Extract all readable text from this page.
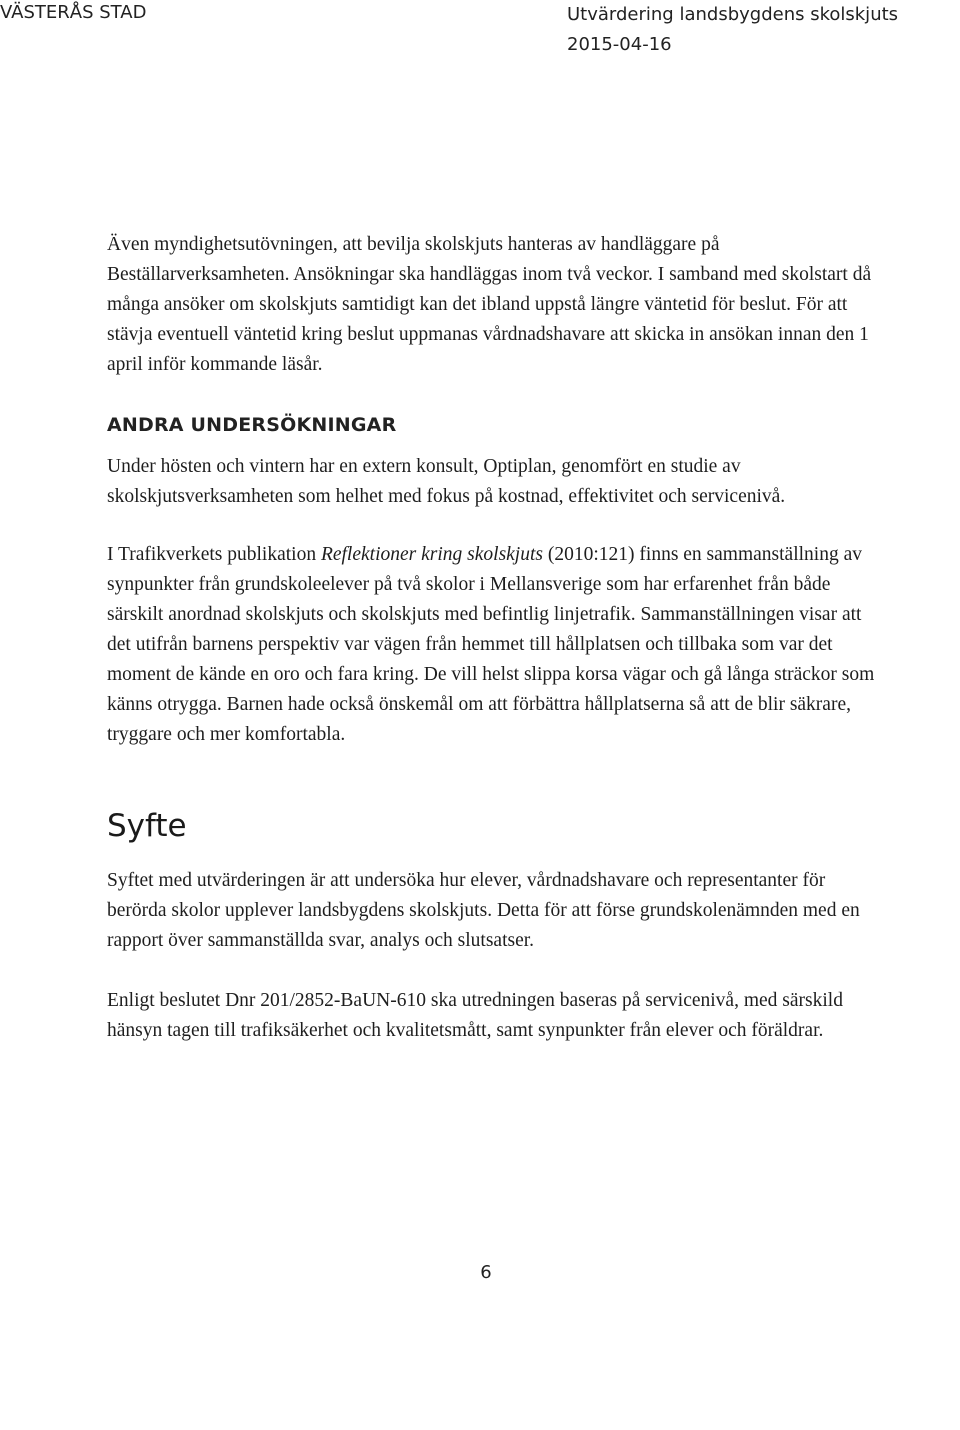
VÄSTERÅS STAD	Utvärdering landsbygdens skolskjuts
2015-04-16

Även myndighetsutövningen, att bevilja skolskjuts hanteras av handläggare på Beställarverksamheten. Ansökningar ska handläggas inom två veckor. I samband med skolstart då många ansöker om skolskjuts samtidigt kan det ibland uppstå längre väntetid för beslut. För att stävja eventuell väntetid kring beslut uppmanas vårdnadshavare att skicka in ansökan innan den 1 april inför kommande läsår.

ANDRA UNDERSÖKNINGAR

Under hösten och vintern har en extern konsult, Optiplan, genomfört en studie av skolskjutsverksamheten som helhet med fokus på kostnad, effektivitet och servicenivå.

I Trafikverkets publikation Reflektioner kring skolskjuts (2010:121) finns en sammanställning av synpunkter från grundskoleelever på två skolor i Mellansverige som har erfarenhet från både särskilt anordnad skolskjuts och skolskjuts med befintlig linjetrafik. Sammanställningen visar att det utifrån barnens perspektiv var vägen från hemmet till hållplatsen och tillbaka som var det moment de kände en oro och fara kring. De vill helst slippa korsa vägar och gå långa sträckor som känns otrygga. Barnen hade också önskemål om att förbättra hållplatserna så att de blir säkrare, tryggare och mer komfortabla.

Syfte

Syftet med utvärderingen är att undersöka hur elever, vårdnadshavare och representanter för berörda skolor upplever landsbygdens skolskjuts. Detta för att förse grundskolenämnden med en rapport över sammanställda svar, analys och slutsatser.

Enligt beslutet Dnr 201/2852-BaUN-610 ska utredningen baseras på servicenivå, med särskild hänsyn tagen till trafiksäkerhet och kvalitetsmått, samt synpunkter från elever och föräldrar.

6
